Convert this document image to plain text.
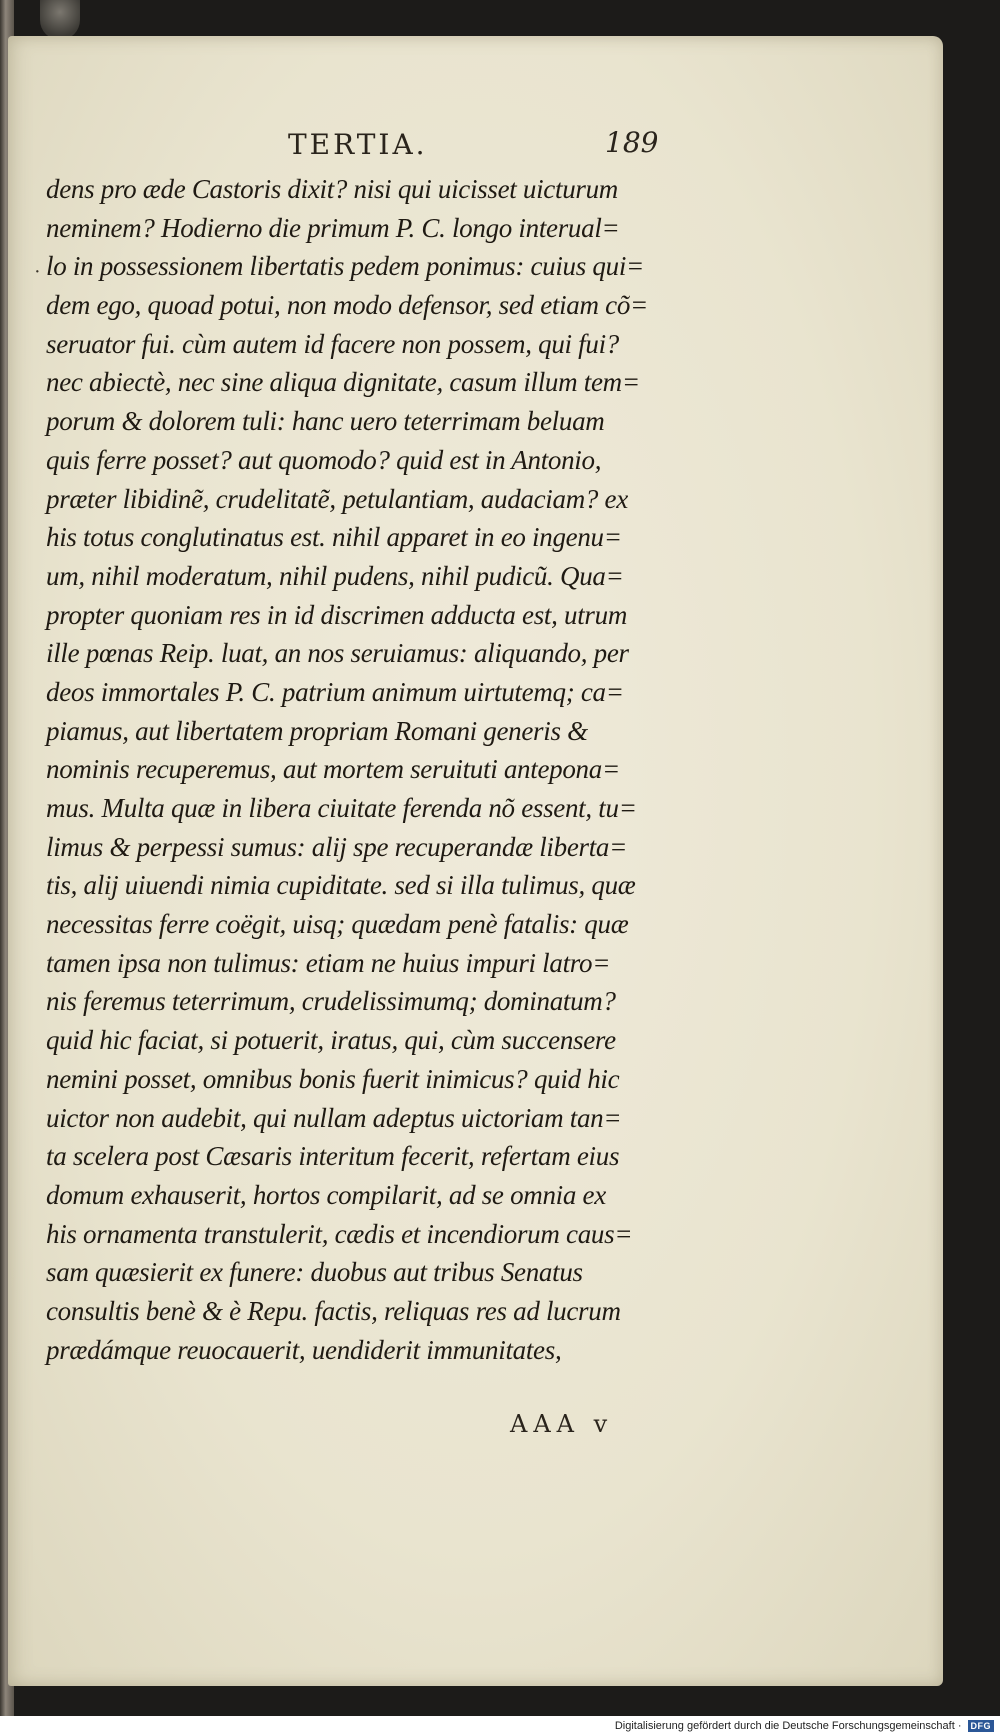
TERTIA.	189
·
dens pro æde Castoris dixit? nisi qui uicisset uicturum
neminem? Hodierno die primum P. C. longo interual=
lo in possessionem libertatis pedem ponimus: cuius qui=
dem ego, quoad potui, non modo defensor, sed etiam cõ=
seruator fui. cùm autem id facere non possem, qui fui?
nec abiectè, nec sine aliqua dignitate, casum illum tem=
porum & dolorem tuli: hanc uero teterrimam beluam
quis ferre posset? aut quomodo? quid est in Antonio,
præter libidinẽ, crudelitatẽ, petulantiam, audaciam? ex
his totus conglutinatus est. nihil apparet in eo ingenu=
um, nihil moderatum, nihil pudens, nihil pudicũ. Qua=
propter quoniam res in id discrimen adducta est, utrum
ille pœnas Reip. luat, an nos seruiamus: aliquando, per
deos immortales P. C. patrium animum uirtutemq; ca=
piamus, aut libertatem propriam Romani generis &
nominis recuperemus, aut mortem seruituti antepona=
mus. Multa quæ in libera ciuitate ferenda nõ essent, tu=
limus & perpessi sumus: alij spe recuperandæ liberta=
tis, alij uiuendi nimia cupiditate. sed si illa tulimus, quæ
necessitas ferre coëgit, uisq; quædam penè fatalis: quæ
tamen ipsa non tulimus: etiam ne huius impuri latro=
nis feremus teterrimum, crudelissimumq; dominatum?
quid hic faciat, si potuerit, iratus, qui, cùm succensere
nemini posset, omnibus bonis fuerit inimicus? quid hic
uictor non audebit, qui nullam adeptus uictoriam tan=
ta scelera post Cæsaris interitum fecerit, refertam eius
domum exhauserit, hortos compilarit, ad se omnia ex
his ornamenta transtulerit, cædis et incendiorum caus=
sam quæsierit ex funere: duobus aut tribus Senatus
consultis benè & è Repu. factis, reliquas res ad lucrum
prædámque reuocauerit, uendiderit immunitates,
AAA v
Digitalisierung gefördert durch die Deutsche Forschungsgemeinschaft ·	DFG
